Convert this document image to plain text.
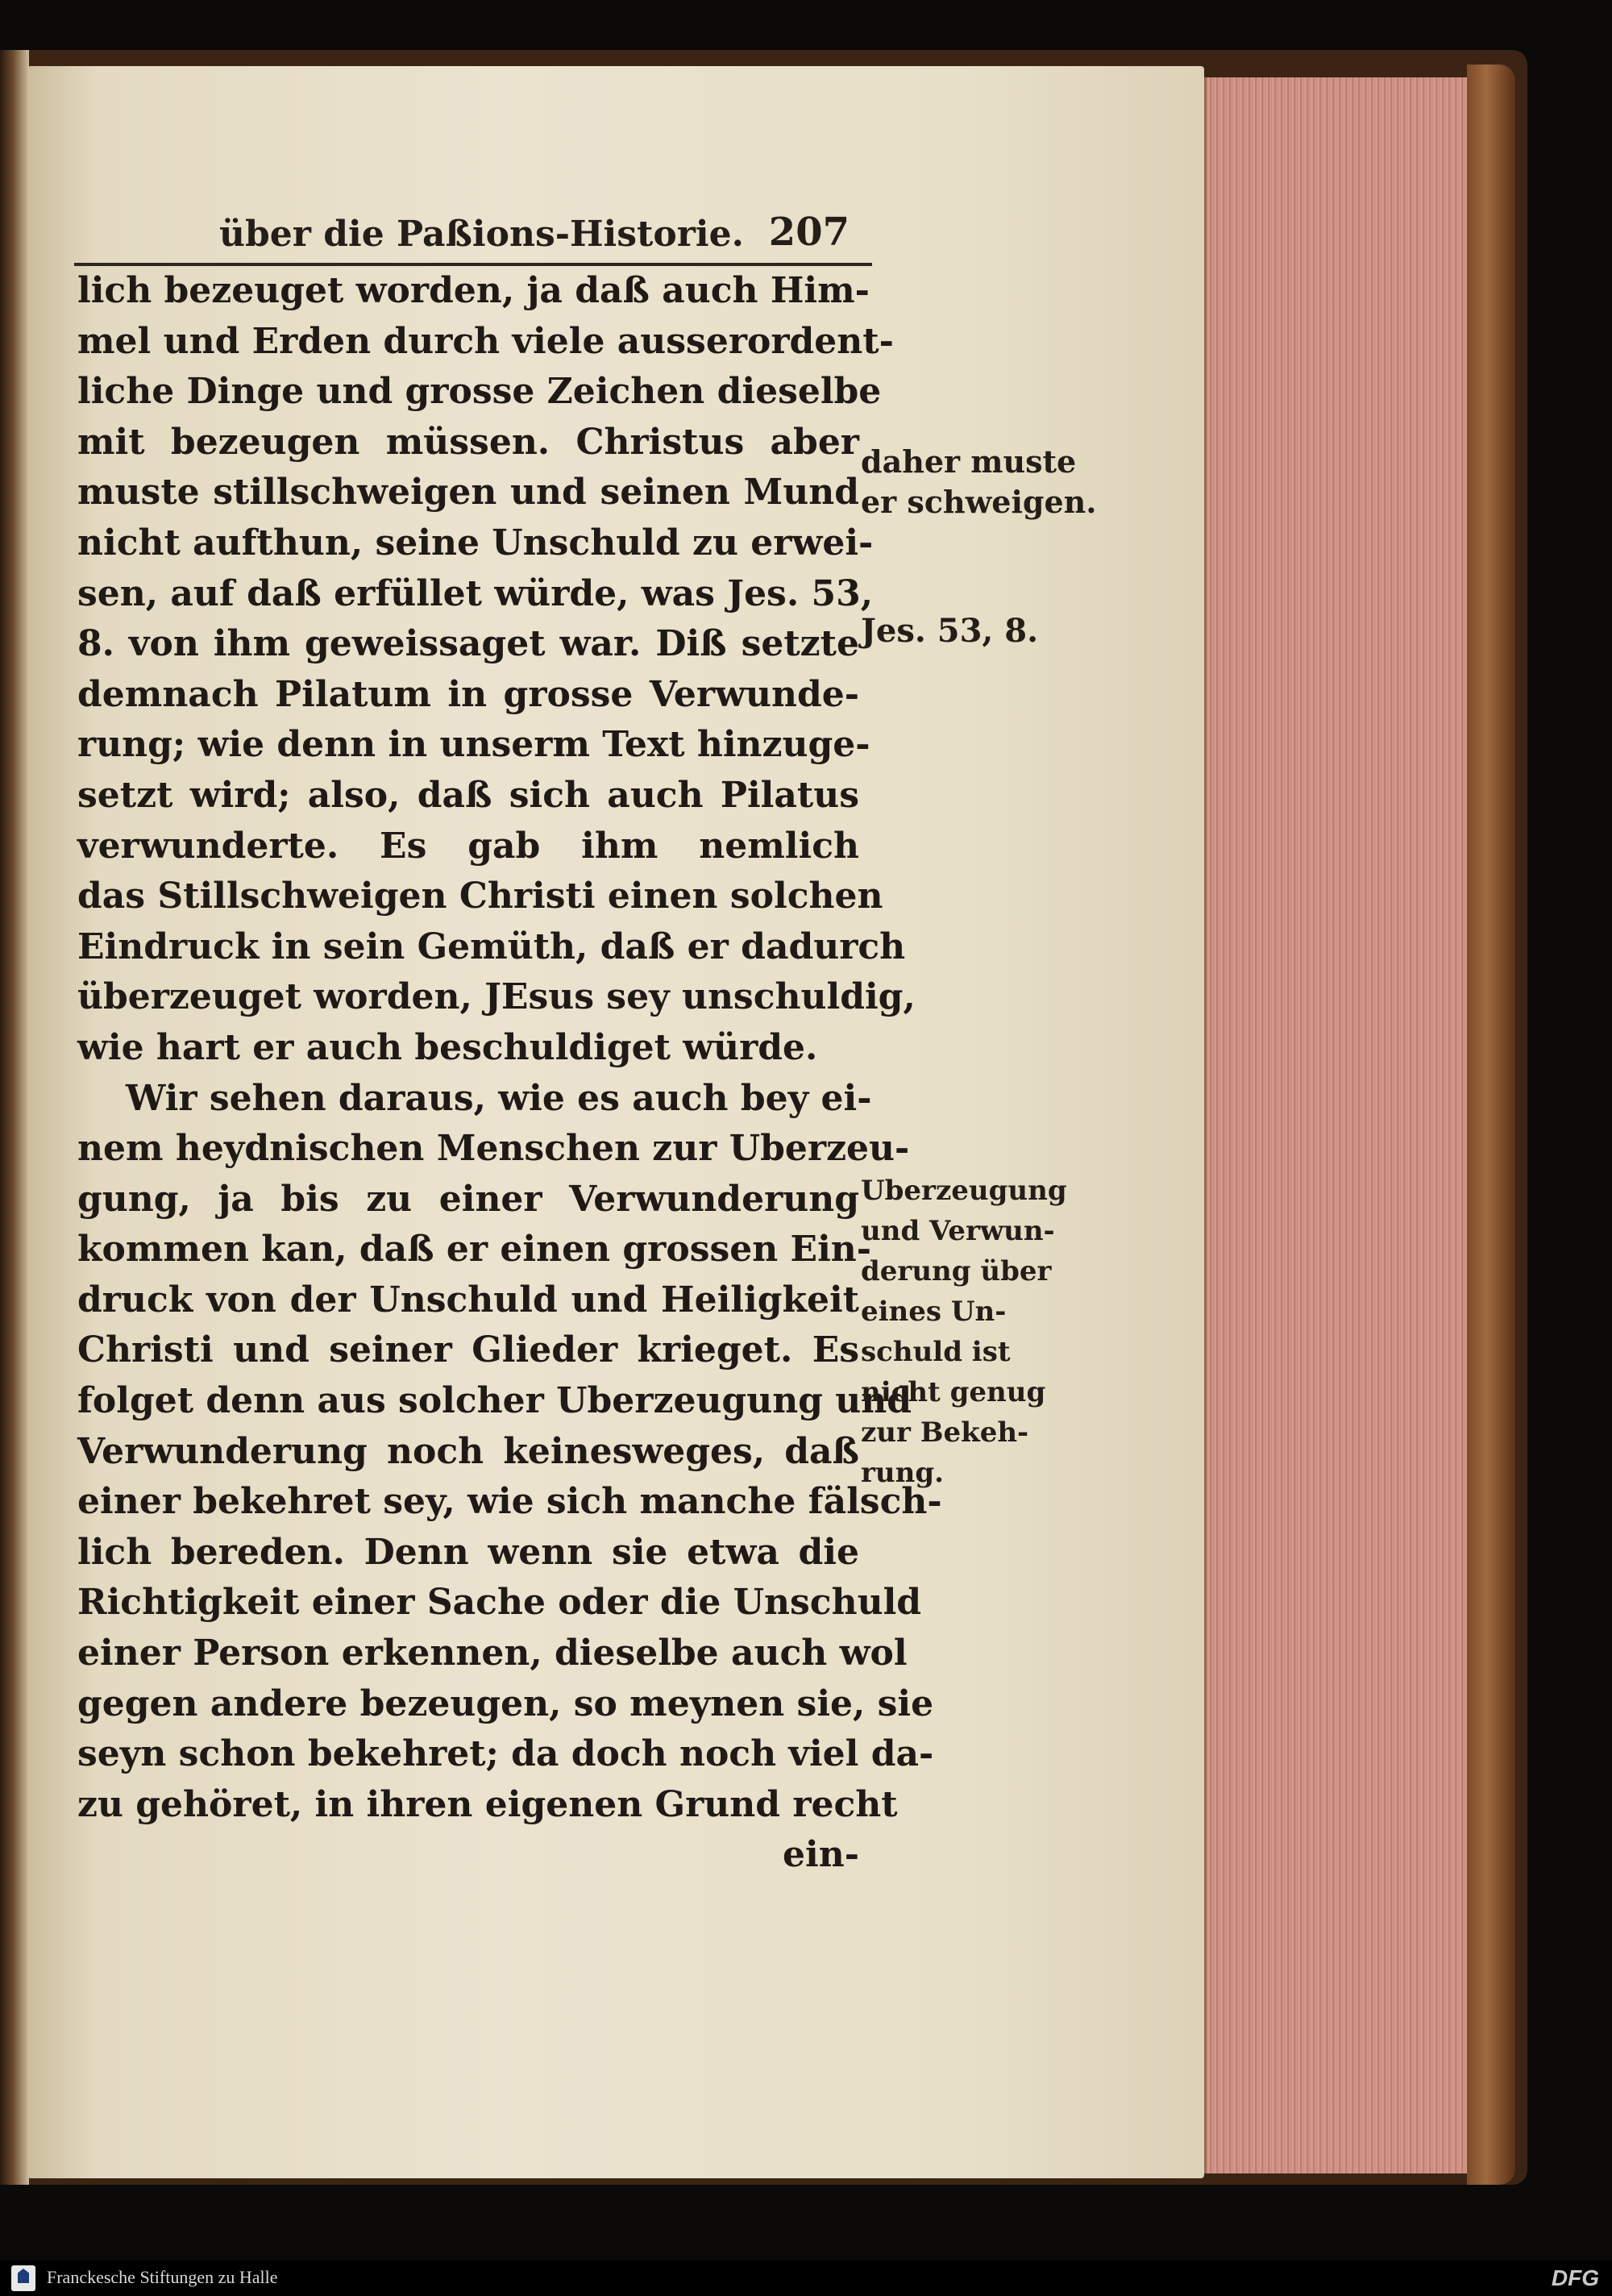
über die Paßions-Historie. 207
lich bezeuget worden, ja daß auch Him-
mel und Erden durch viele ausserordent-
liche Dinge und grosse Zeichen dieselbe
mit bezeugen müssen. Christus aber
muste stillschweigen und seinen Mund
nicht aufthun, seine Unschuld zu erwei-
sen, auf daß erfüllet würde, was Jes. 53,
8. von ihm geweissaget war. Diß setzte
demnach Pilatum in grosse Verwunde-
rung; wie denn in unserm Text hinzuge-
setzt wird; also, daß sich auch Pilatus
verwunderte. Es gab ihm nemlich
das Stillschweigen Christi einen solchen
Eindruck in sein Gemüth, daß er dadurch
überzeuget worden, JEsus sey unschuldig,
wie hart er auch beschuldiget würde.
Wir sehen daraus, wie es auch bey ei-
nem heydnischen Menschen zur Uberzeu-
gung, ja bis zu einer Verwunderung
kommen kan, daß er einen grossen Ein-
druck von der Unschuld und Heiligkeit
Christi und seiner Glieder krieget. Es
folget denn aus solcher Uberzeugung und
Verwunderung noch keinesweges, daß
einer bekehret sey, wie sich manche fälsch-
lich bereden. Denn wenn sie etwa die
Richtigkeit einer Sache oder die Unschuld
einer Person erkennen, dieselbe auch wol
gegen andere bezeugen, so meynen sie, sie
seyn schon bekehret; da doch noch viel da-
zu gehöret, in ihren eigenen Grund recht
ein-
daher muste
er schweigen.
Jes. 53, 8.
Uberzeugung
und Verwun-
derung über
eines Un-
schuld ist
nicht genug
zur Bekeh-
rung.
Franckesche Stiftungen zu Halle	DFG
